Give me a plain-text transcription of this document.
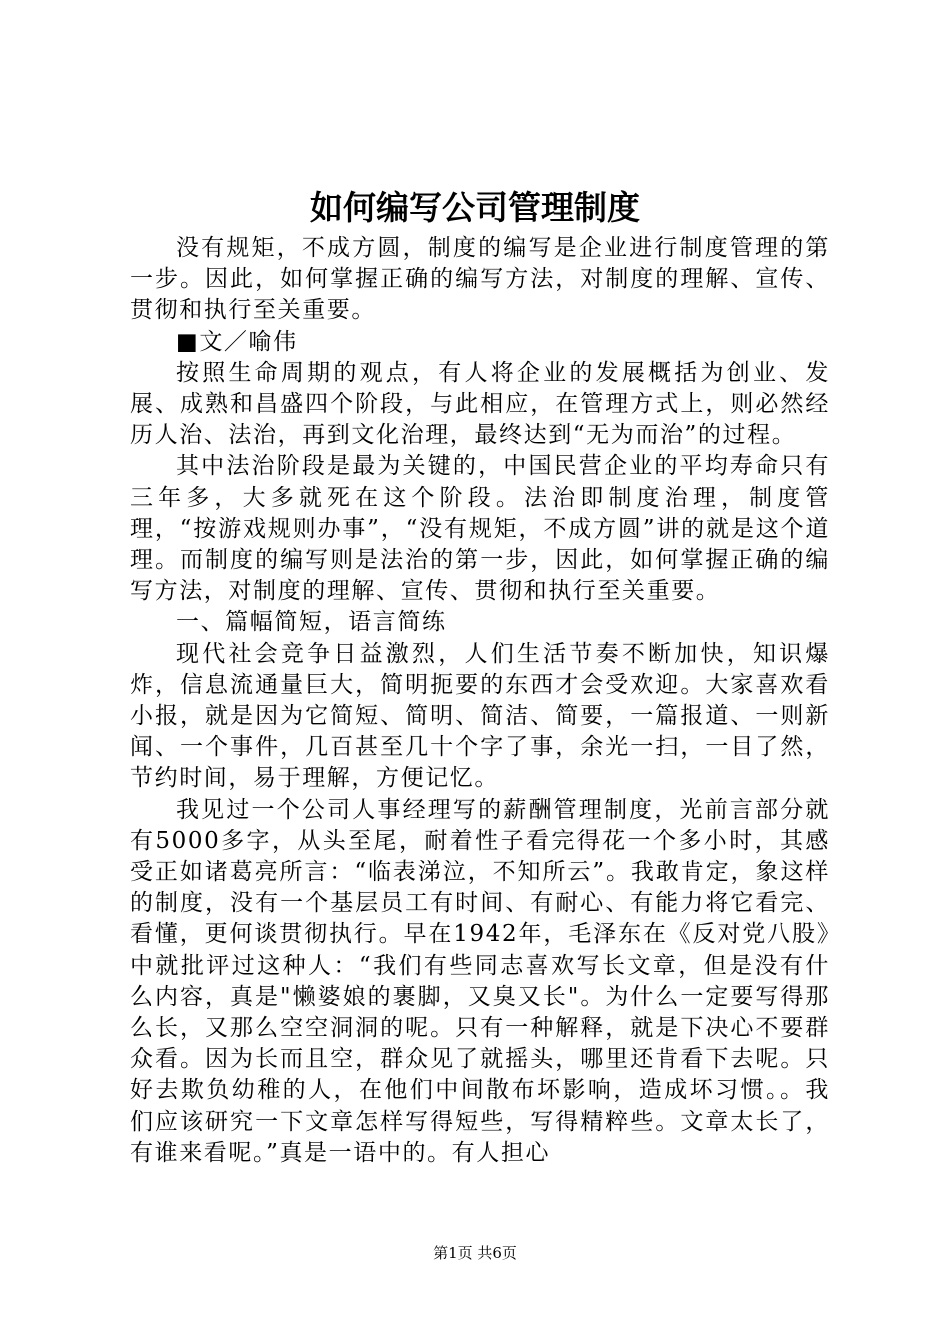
如何编写公司管理制度

没有规矩，不成方圆，制度的编写是企业进行制度管理的第一步。因此，如何掌握正确的编写方法，对制度的理解、宣传、贯彻和执行至关重要。

■文／喻伟

按照生命周期的观点，有人将企业的发展概括为创业、发展、成熟和昌盛四个阶段，与此相应，在管理方式上，则必然经历人治、法治，再到文化治理，最终达到“无为而治”的过程。

其中法治阶段是最为关键的，中国民营企业的平均寿命只有三年多，大多就死在这个阶段。法治即制度治理，制度管理，“按游戏规则办事”，“没有规矩，不成方圆”讲的就是这个道理。而制度的编写则是法治的第一步，因此，如何掌握正确的编写方法，对制度的理解、宣传、贯彻和执行至关重要。

一、篇幅简短，语言简练

现代社会竞争日益激烈，人们生活节奏不断加快，知识爆炸，信息流通量巨大，简明扼要的东西才会受欢迎。大家喜欢看小报，就是因为它简短、简明、简洁、简要，一篇报道、一则新闻、一个事件，几百甚至几十个字了事，余光一扫，一目了然，节约时间，易于理解，方便记忆。

我见过一个公司人事经理写的薪酬管理制度，光前言部分就有5000多字，从头至尾，耐着性子看完得花一个多小时，其感受正如诸葛亮所言：“临表涕泣，不知所云”。我敢肯定，象这样的制度，没有一个基层员工有时间、有耐心、有能力将它看完、看懂，更何谈贯彻执行。早在1942年，毛泽东在《反对党八股》中就批评过这种人：“我们有些同志喜欢写长文章，但是没有什么内容，真是"懒婆娘的裹脚，又臭又长"。为什么一定要写得那么长，又那么空空洞洞的呢。只有一种解释，就是下决心不要群众看。因为长而且空，群众见了就摇头，哪里还肯看下去呢。只好去欺负幼稚的人，在他们中间散布坏影响，造成坏习惯。。我们应该研究一下文章怎样写得短些，写得精粹些。文章太长了，有谁来看呢。”真是一语中的。有人担心

第1页 共6页
